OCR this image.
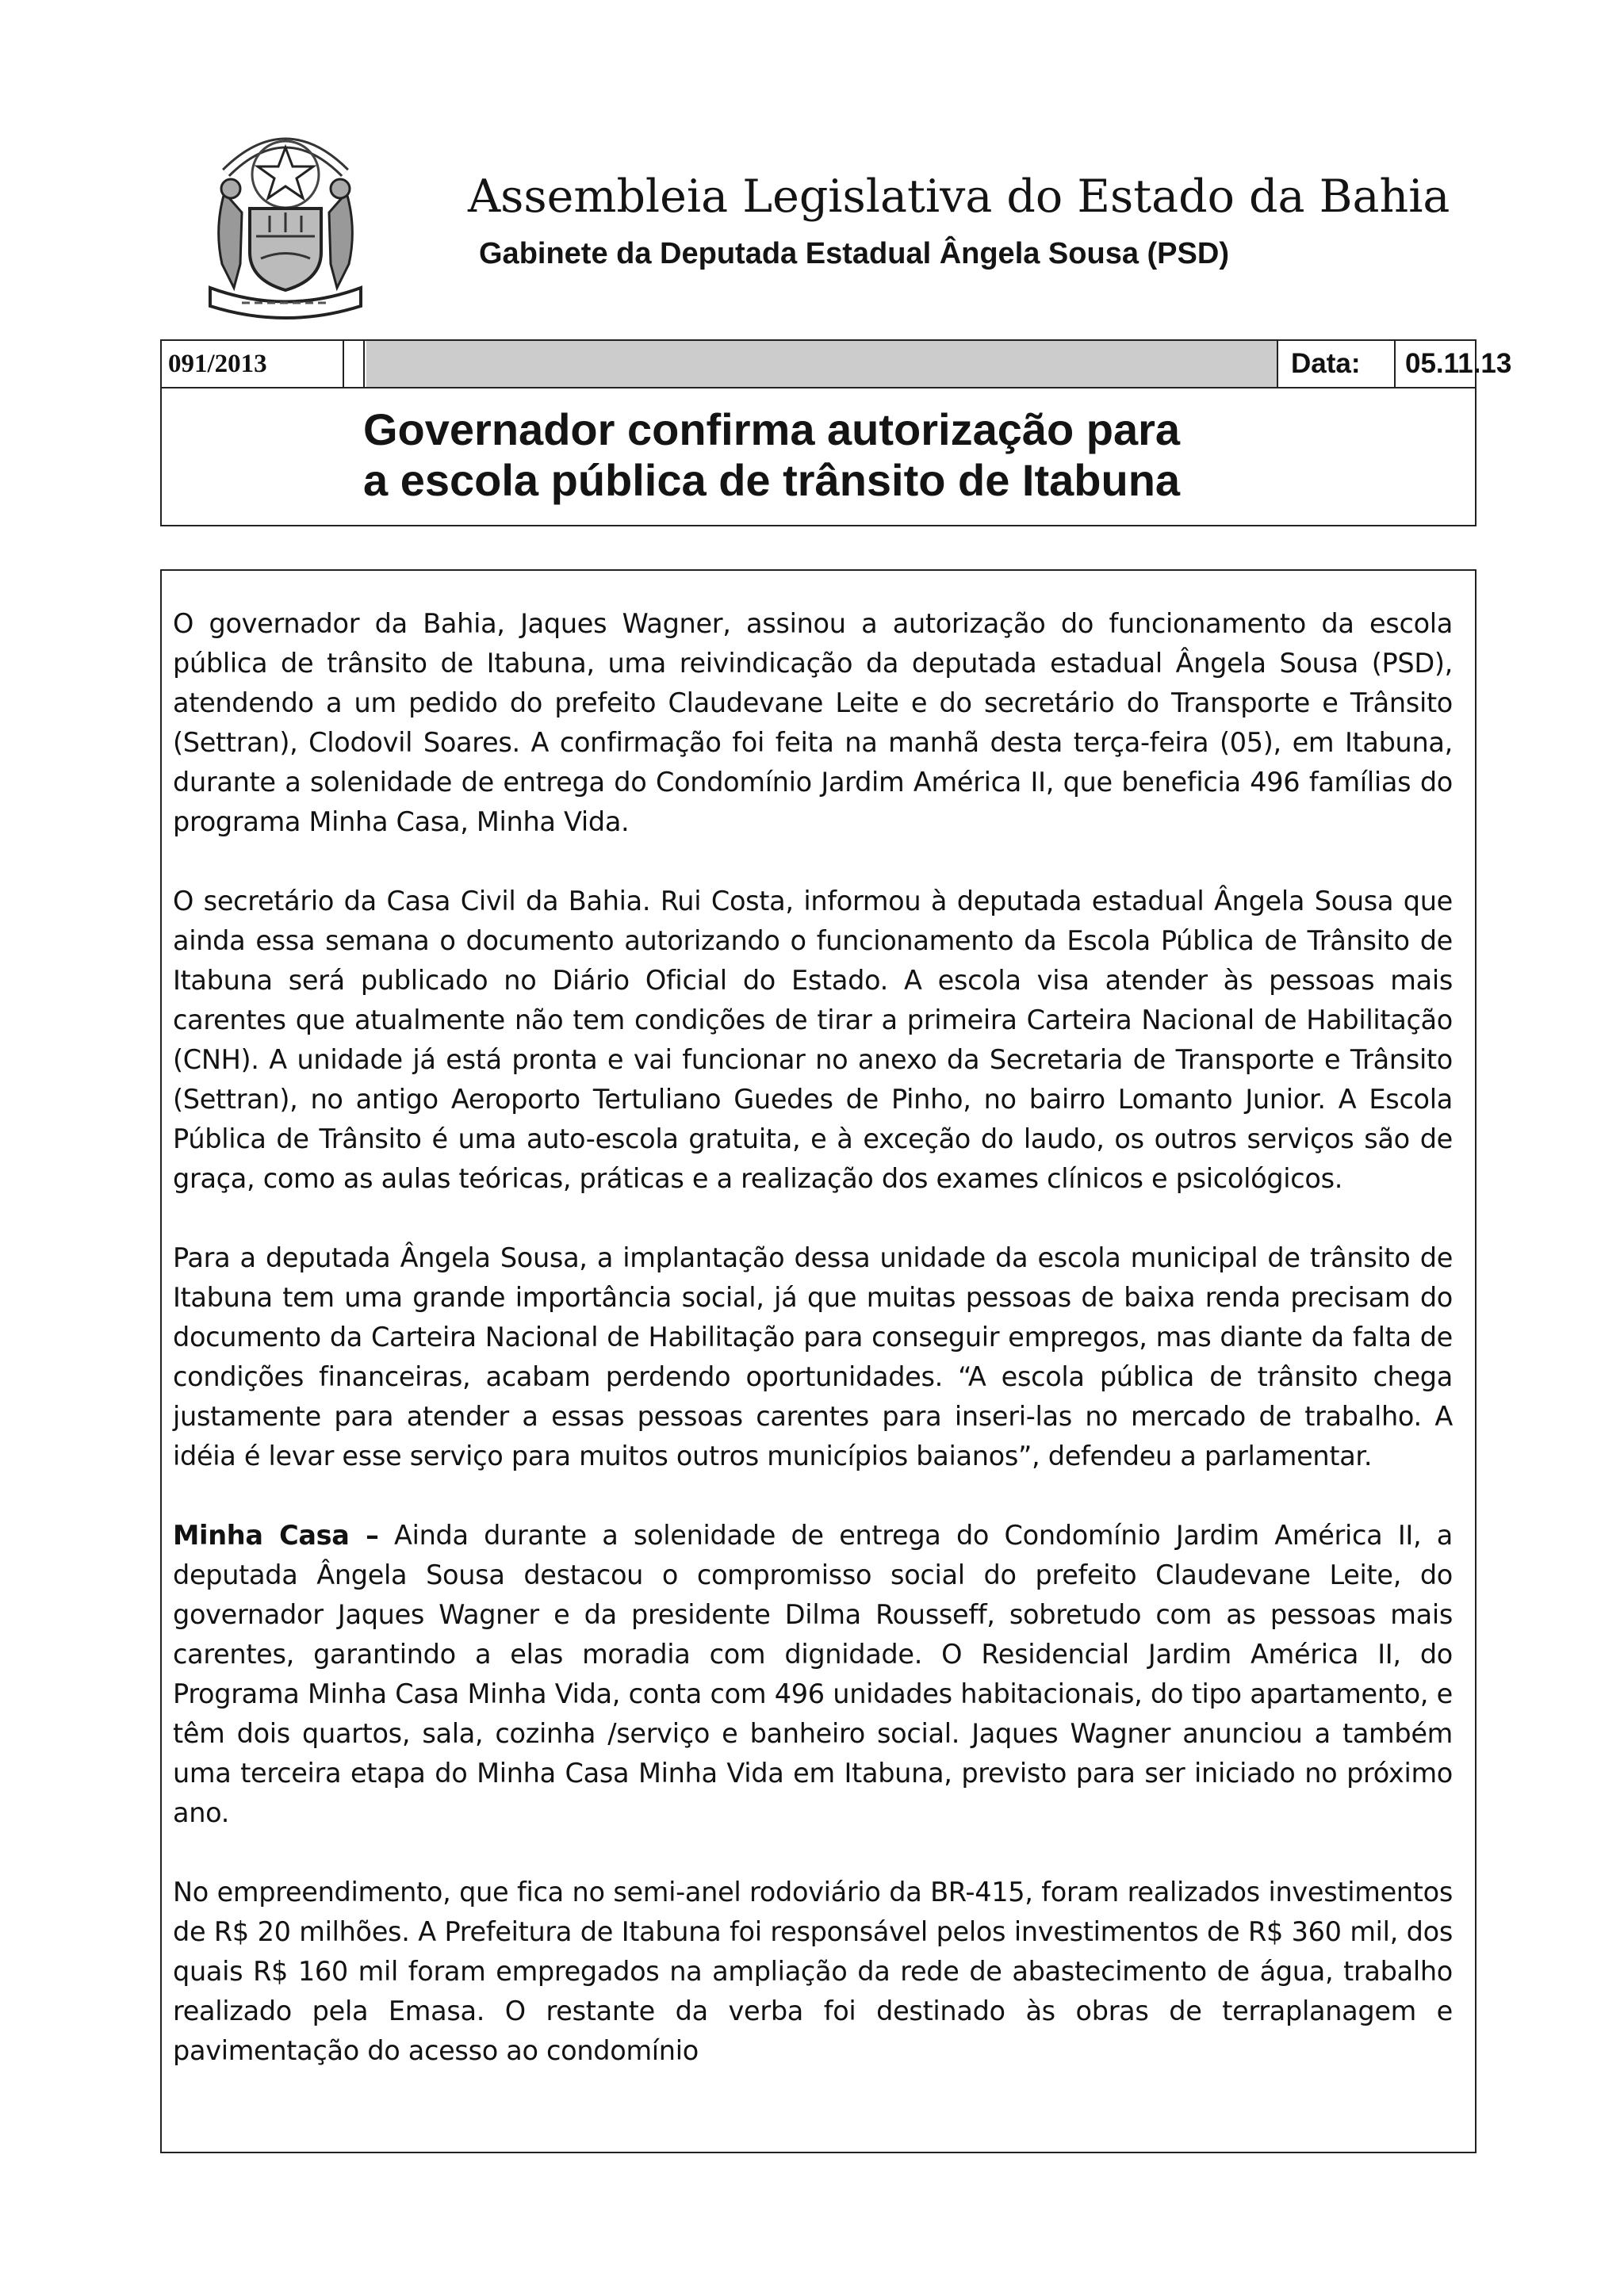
Assembleia Legislativa do Estado da Bahia
Gabinete da Deputada Estadual Ângela Sousa (PSD)
091/2013	Data:	05.11.13
Governador confirma autorização para
a escola pública de trânsito de Itabuna

O governador da Bahia, Jaques Wagner, assinou a autorização do funcionamento da escola pública de trânsito de Itabuna, uma reivindicação da deputada estadual Ângela Sousa (PSD), atendendo a um pedido do prefeito Claudevane Leite e do secretário do Transporte e Trânsito (Settran), Clodovil Soares. A confirmação foi feita na manhã desta terça-feira (05), em Itabuna, durante a solenidade de entrega do Condomínio Jardim América II, que beneficia 496 famílias do programa Minha Casa, Minha Vida.

O secretário da Casa Civil da Bahia. Rui Costa, informou à deputada estadual Ângela Sousa que ainda essa semana o documento autorizando o funcionamento da Escola Pública de Trânsito de Itabuna será publicado no Diário Oficial do Estado. A escola visa atender às pessoas mais carentes que atualmente não tem condições de tirar a primeira Carteira Nacional de Habilitação (CNH). A unidade já está pronta e vai funcionar no anexo da Secretaria de Transporte e Trânsito (Settran), no antigo Aeroporto Tertuliano Guedes de Pinho, no bairro Lomanto Junior. A Escola Pública de Trânsito é uma auto-escola gratuita, e à exceção do laudo, os outros serviços são de graça, como as aulas teóricas, práticas e a realização dos exames clínicos e psicológicos.

Para a deputada Ângela Sousa, a implantação dessa unidade da escola municipal de trânsito de Itabuna tem uma grande importância social, já que muitas pessoas de baixa renda precisam do documento da Carteira Nacional de Habilitação para conseguir empregos, mas diante da falta de condições financeiras, acabam perdendo oportunidades. “A escola pública de trânsito chega justamente para atender a essas pessoas carentes para inseri-las no mercado de trabalho. A idéia é levar esse serviço para muitos outros municípios baianos”, defendeu a parlamentar.

Minha Casa – Ainda durante a solenidade de entrega do Condomínio Jardim América II, a deputada Ângela Sousa destacou o compromisso social do prefeito Claudevane Leite, do governador Jaques Wagner e da presidente Dilma Rousseff, sobretudo com as pessoas mais carentes, garantindo a elas moradia com dignidade. O Residencial Jardim América II, do Programa Minha Casa Minha Vida, conta com 496 unidades habitacionais, do tipo apartamento, e têm dois quartos, sala, cozinha /serviço e banheiro social. Jaques Wagner anunciou a também uma terceira etapa do Minha Casa Minha Vida em Itabuna, previsto para ser iniciado no próximo ano.

No empreendimento, que fica no semi-anel rodoviário da BR-415, foram realizados investimentos de R$ 20 milhões. A Prefeitura de Itabuna foi responsável pelos investimentos de R$ 360 mil, dos quais R$ 160 mil foram empregados na ampliação da rede de abastecimento de água, trabalho realizado pela Emasa. O restante da verba foi destinado às obras de terraplanagem e pavimentação do acesso ao condomínio
